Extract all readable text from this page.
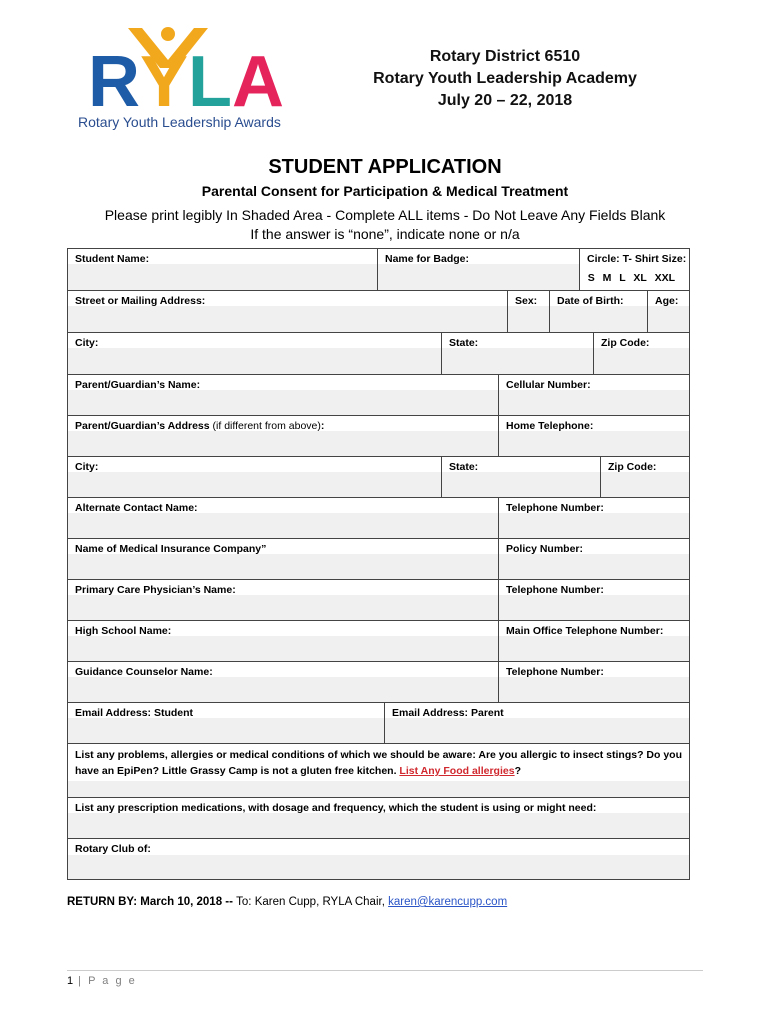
R Y L A
Rotary Youth Leadership Awards
Rotary District 6510
Rotary Youth Leadership Academy
July 20 – 22, 2018
STUDENT APPLICATION
Parental Consent for Participation & Medical Treatment
Please print legibly In Shaded Area - Complete ALL items - Do Not Leave Any Fields Blank
If the answer is “none”, indicate none or n/a
Student Name:	Name for Badge:	Circle: T- Shirt Size:
S M L XL XXL
Street or Mailing Address:	Sex: Date of Birth:	Age:
City:	State:	Zip Code:
Parent/Guardian’s Name:	Cellular Number:
Parent/Guardian’s Address (if different from above):	Home Telephone:
City:	State:	Zip Code:
Alternate Contact Name:	Telephone Number:
Name of Medical Insurance Company”	Policy Number:
Primary Care Physician’s Name:	Telephone Number:
High School Name:	Main Office Telephone Number:
Guidance Counselor Name:	Telephone Number:
Email Address: Student	Email Address: Parent
List any problems, allergies or medical conditions of which we should be aware: Are you allergic to insect stings? Do you have an EpiPen? Little Grassy Camp is not a gluten free kitchen. List Any Food allergies?
List any prescription medications, with dosage and frequency, which the student is using or might need:
Rotary Club of:
RETURN BY: March 10, 2018 -- To: Karen Cupp, RYLA Chair, karen@karencupp.com
1 | P a g e
